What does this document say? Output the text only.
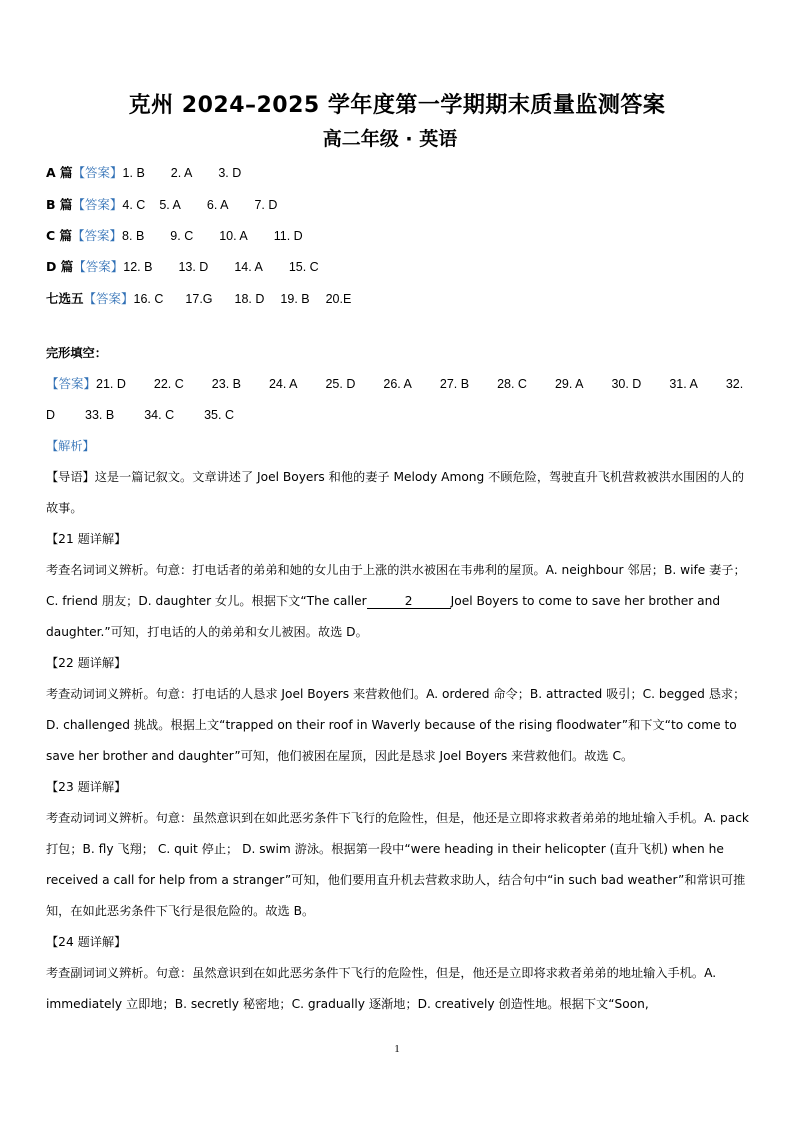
克州 2024–2025 学年度第一学期期末质量监测答案
高二年级 · 英语
A 篇【答案】1. B 2. A 3. D
B 篇【答案】4. C 5. A 6. A 7. D
C 篇【答案】8. B 9. C 10. A 11. D
D 篇【答案】12. B 13. D 14. A 15. C
七选五【答案】16. C 17.G 18. D 19. B 20.E
完形填空：
【答案】21. D 22. C 23. B 24. A 25. D 26. A 27. B 28. C 29. A 30. D 31. A 32.
D 33. B 34. C 35. C
【解析】
【导语】这是一篇记叙文。文章讲述了 Joel Boyers 和他的妻子 Melody Among 不顾危险，驾驶直升飞机营救被洪水围困的人的故事。
【21 题详解】
考查名词词义辨析。句意：打电话者的弟弟和她的女儿由于上涨的洪水被困在韦弗利的屋顶。A. neighbour 邻居；B. wife 妻子；C. friend 朋友；D. daughter 女儿。根据下文“The caller	2	Joel Boyers to come to save her brother and daughter.”可知，打电话的人的弟弟和女儿被困。故选 D。
【22 题详解】
考查动词词义辨析。句意：打电话的人恳求 Joel Boyers 来营救他们。A. ordered 命令；B. attracted 吸引；C. begged 恳求；D. challenged 挑战。根据上文“trapped on their roof in Waverly because of the rising floodwater”和下文“to come to save her brother and daughter”可知，他们被困在屋顶，因此是恳求 Joel Boyers 来营救他们。故选 C。
【23 题详解】
考查动词词义辨析。句意：虽然意识到在如此恶劣条件下飞行的危险性，但是，他还是立即将求救者弟弟的地址输入手机。A. pack 打包；B. fly 飞翔； C. quit 停止； D. swim 游泳。根据第一段中“were heading in their helicopter (直升飞机) when he received a call for help from a stranger”可知，他们要用直升机去营救求助人，结合句中“in such bad weather”和常识可推知，在如此恶劣条件下飞行是很危险的。故选 B。
【24 题详解】
考查副词词义辨析。句意：虽然意识到在如此恶劣条件下飞行的危险性，但是，他还是立即将求救者弟弟的地址输入手机。A. immediately 立即地；B. secretly 秘密地；C. gradually 逐渐地；D. creatively 创造性地。根据下文“Soon,
1
